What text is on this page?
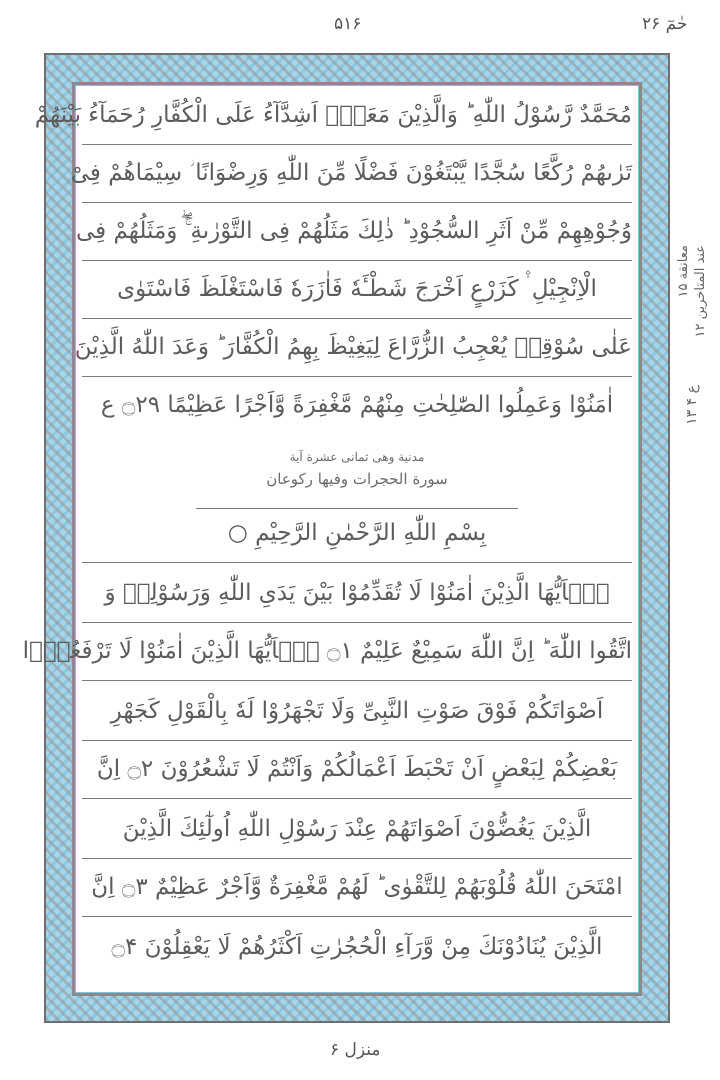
۵۱۶	حٰمٓ ۲۶
مُحَمَّدٌ رَّسُوْلُ اللّٰهِ ؕ وَالَّذِیْنَ مَعَهٗۤ اَشِدَّآءُ عَلَی الْكُفَّارِ رُحَمَآءُ بَیْنَهُمْ
تَرٰىهُمْ رُكَّعًا سُجَّدًا یَّبْتَغُوْنَ فَضْلًا مِّنَ اللّٰهِ وَرِضْوَانًا ؗ سِیْمَاهُمْ فِیْ
وُجُوْهِهِمْ مِّنْ اَثَرِ السُّجُوْدِ ؕ ذٰلِكَ مَثَلُهُمْ فِی التَّوْرٰىةِ ۛۖۚ وَمَثَلُهُمْ فِی
الْاِنْجِیْلِ ۛ۫ كَزَرْعٍ اَخْرَجَ شَطْـَٔهٗ فَاٰزَرَهٗ فَاسْتَغْلَظَ فَاسْتَوٰی
عَلٰی سُوْقِهٖ یُعْجِبُ الزُّرَّاعَ لِیَغِیْظَ بِهِمُ الْكُفَّارَ ؕ وَعَدَ اللّٰهُ الَّذِیْنَ
اٰمَنُوْا وَعَمِلُوا الصّٰلِحٰتِ مِنْهُمْ مَّغْفِرَةً وَّاَجْرًا عَظِیْمًا ۝۲۹ ع
مدنیة وهی ثمانی عشرة آیة
سورة الحجرات وفیها رکوعان
بِسْمِ اللّٰهِ الرَّحْمٰنِ الرَّحِیْمِ ○
یٰۤاَیُّهَا الَّذِیْنَ اٰمَنُوْا لَا تُقَدِّمُوْا بَیْنَ یَدَیِ اللّٰهِ وَرَسُوْلِهٖ وَ
اتَّقُوا اللّٰهَ ؕ اِنَّ اللّٰهَ سَمِیْعٌ عَلِیْمٌ ۝۱ یٰۤاَیُّهَا الَّذِیْنَ اٰمَنُوْا لَا تَرْفَعُوْۤا
اَصْوَاتَكُمْ فَوْقَ صَوْتِ النَّبِیِّ وَلَا تَجْهَرُوْا لَهٗ بِالْقَوْلِ كَجَهْرِ
بَعْضِكُمْ لِبَعْضٍ اَنْ تَحْبَطَ اَعْمَالُكُمْ وَاَنْتُمْ لَا تَشْعُرُوْنَ ۝۲ اِنَّ
الَّذِیْنَ یَغُضُّوْنَ اَصْوَاتَهُمْ عِنْدَ رَسُوْلِ اللّٰهِ اُولٰٓئِكَ الَّذِیْنَ
امْتَحَنَ اللّٰهُ قُلُوْبَهُمْ لِلتَّقْوٰی ؕ لَهُمْ مَّغْفِرَةٌ وَّاَجْرٌ عَظِیْمٌ ۝۳ اِنَّ
الَّذِیْنَ یُنَادُوْنَكَ مِنْ وَّرَآءِ الْحُجُرٰتِ اَكْثَرُهُمْ لَا یَعْقِلُوْنَ ۝۴
معانقة ۱۵
عند المتاخرین ۱۲
ع ۴ ۱۳
منزل ۶
